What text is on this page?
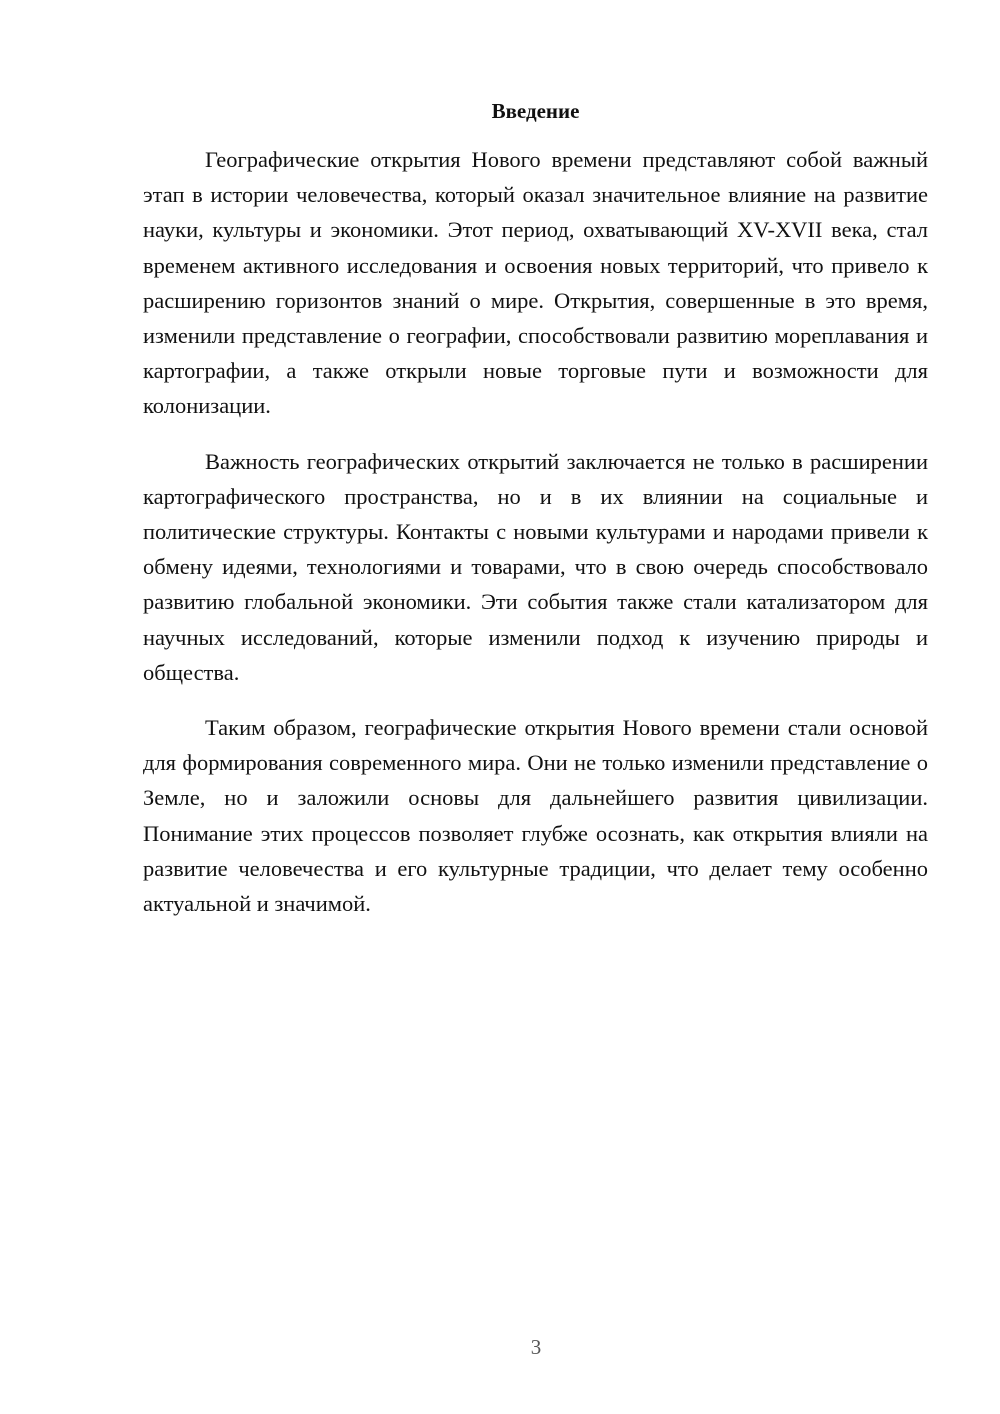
Введение

Географические открытия Нового времени представляют собой важный этап в истории человечества, который оказал значительное влияние на развитие науки, культуры и экономики. Этот период, охватывающий XV-XVII века, стал временем активного исследования и освоения новых территорий, что привело к расширению горизонтов знаний о мире. Открытия, совершенные в это время, изменили представление о географии, способствовали развитию мореплавания и картографии, а также открыли новые торговые пути и возможности для колонизации.

Важность географических открытий заключается не только в расширении картографического пространства, но и в их влиянии на социальные и политические структуры. Контакты с новыми культурами и народами привели к обмену идеями, технологиями и товарами, что в свою очередь способствовало развитию глобальной экономики. Эти события также стали катализатором для научных исследований, которые изменили подход к изучению природы и общества.

Таким образом, географические открытия Нового времени стали основой для формирования современного мира. Они не только изменили представление о Земле, но и заложили основы для дальнейшего развития цивилизации. Понимание этих процессов позволяет глубже осознать, как открытия влияли на развитие человечества и его культурные традиции, что делает тему особенно актуальной и значимой.

3
